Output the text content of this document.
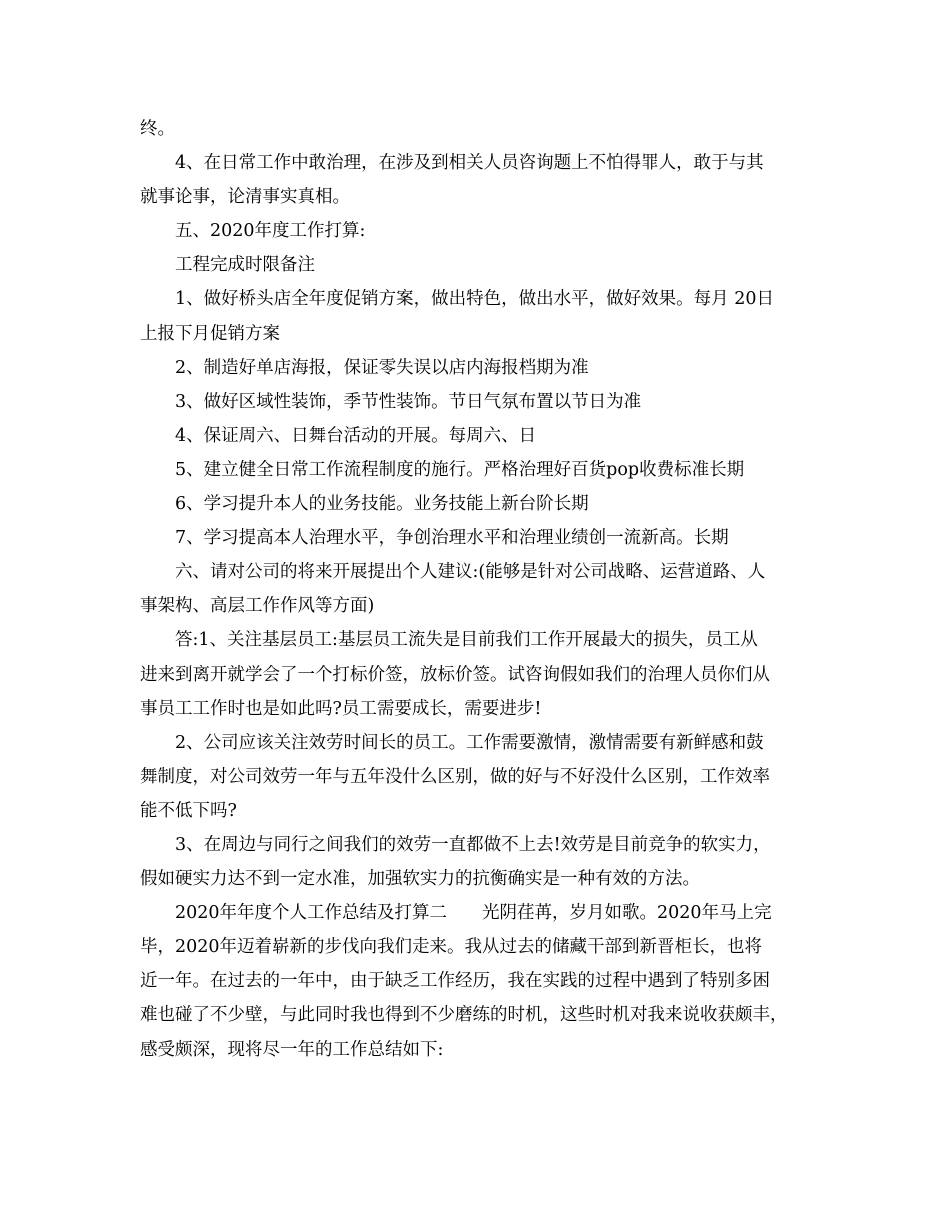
终。
4、在日常工作中敢治理，在涉及到相关人员咨询题上不怕得罪人，敢于与其
就事论事，论清事实真相。
五、2020年度工作打算:
工程完成时限备注
1、做好桥头店全年度促销方案，做出特色，做出水平，做好效果。每月 20日
上报下月促销方案
2、制造好单店海报，保证零失误以店内海报档期为准
3、做好区域性装饰，季节性装饰。节日气氛布置以节日为准
4、保证周六、日舞台活动的开展。每周六、日
5、建立健全日常工作流程制度的施行。严格治理好百货pop收费标准长期
6、学习提升本人的业务技能。业务技能上新台阶长期
7、学习提高本人治理水平，争创治理水平和治理业绩创一流新高。长期
六、请对公司的将来开展提出个人建议:(能够是针对公司战略、运营道路、人
事架构、高层工作作风等方面)
答:1、关注基层员工:基层员工流失是目前我们工作开展最大的损失，员工从
进来到离开就学会了一个打标价签，放标价签。试咨询假如我们的治理人员你们从
事员工工作时也是如此吗?员工需要成长，需要进步!
2、公司应该关注效劳时间长的员工。工作需要激情，激情需要有新鲜感和鼓
舞制度，对公司效劳一年与五年没什么区别，做的好与不好没什么区别，工作效率
能不低下吗?
3、在周边与同行之间我们的效劳一直都做不上去!效劳是目前竞争的软实力，
假如硬实力达不到一定水准，加强软实力的抗衡确实是一种有效的方法。
2020年年度个人工作总结及打算二　　光阴荏苒，岁月如歌。2020年马上完
毕，2020年迈着崭新的步伐向我们走来。我从过去的储藏干部到新晋柜长，也将
近一年。在过去的一年中，由于缺乏工作经历，我在实践的过程中遇到了特别多困
难也碰了不少壁，与此同时我也得到不少磨练的时机，这些时机对我来说收获颇丰，
感受颇深，现将尽一年的工作总结如下:
